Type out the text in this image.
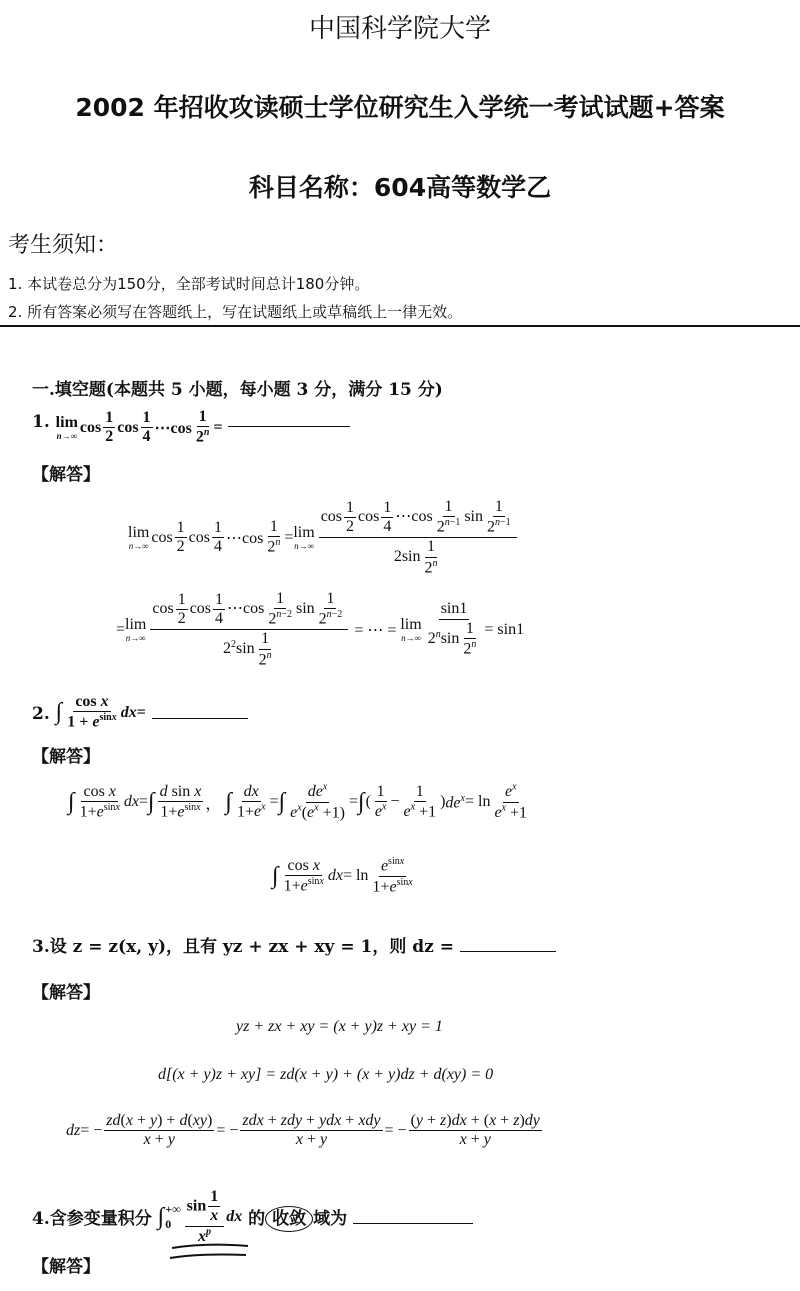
中国科学院大学
2002 年招收攻读硕士学位研究生入学统一考试试题+答案
科目名称：604高等数学乙
考生须知：
1. 本试卷总分为150分，全部考试时间总计180分钟。
2. 所有答案必须写在答题纸上，写在试题纸上或草稿纸上一律无效。
一.填空题(本题共 5 小题，每小题 3 分，满分 15 分)
1. lim
n→∞
cos
1
2
cos
1
4 ⋯cos
1
$2^n$ =
【解答】
lim
n→∞
cos
1
2
cos
1
4 ⋯cos
1
$2^n = \lim$
n→∞
$\cos \frac{1}{2}$ $\cos \frac{1}{4}$ ⋯cos $\frac{1}{2^{n-1}}$ $\sin \frac{1}{2^{n-1}}$
$2\sin \frac{1}{2^n}$
= lim
n→∞
$\cos \frac{1}{2}$ $\cos \frac{1}{4}$ ⋯cos $\frac{1}{2^{n-2}}$ $\sin \frac{1}{2^{n-2}}$
$2^2\sin \frac{1}{2^n}$	= ⋯ = lim
n→∞
sin1
$2^n\sin \frac{1}{2^n} = \sin 1$
2. ∫ cos x
$1 + e^{sinx}$ dx =
【解答】
∫ cos x
$1+e^{sinx}$ dx = ∫ d sin x
$1+e^{sinx}$ ， ∫ dx
$1+e^x$ = ∫ $de^x$
$e^x(e^x +1)$
= ∫ (
1
$e^x$ −
1
$e^x +1$
) $de^x = \ln$
$e^x$
$e^x +1$
∫ cos x
$1+e^{sinx}$ dx = ln
$e^{sinx}$
$1+e^{sinx}$
3.设 z = z(x, y)，且有 yz + zx + xy = 1，则 dz =
【解答】
yz + zx + xy = (x + y)z + xy = 1
d[(x + y)z + xy] = zd(x + y) + (x + y)dz + d(xy) = 0
dz = −
zd(x + y) + d(xy)
x + y
= −
zdx + zdy + ydx + xdy
x + y
= −
(y + z)dx + (x + z)dy
x + y
4.含参变量积分 ∫ +∞
0
$\sin \frac{1}{x}$
$x^p$
dx 的 收敛 域为
【解答】
